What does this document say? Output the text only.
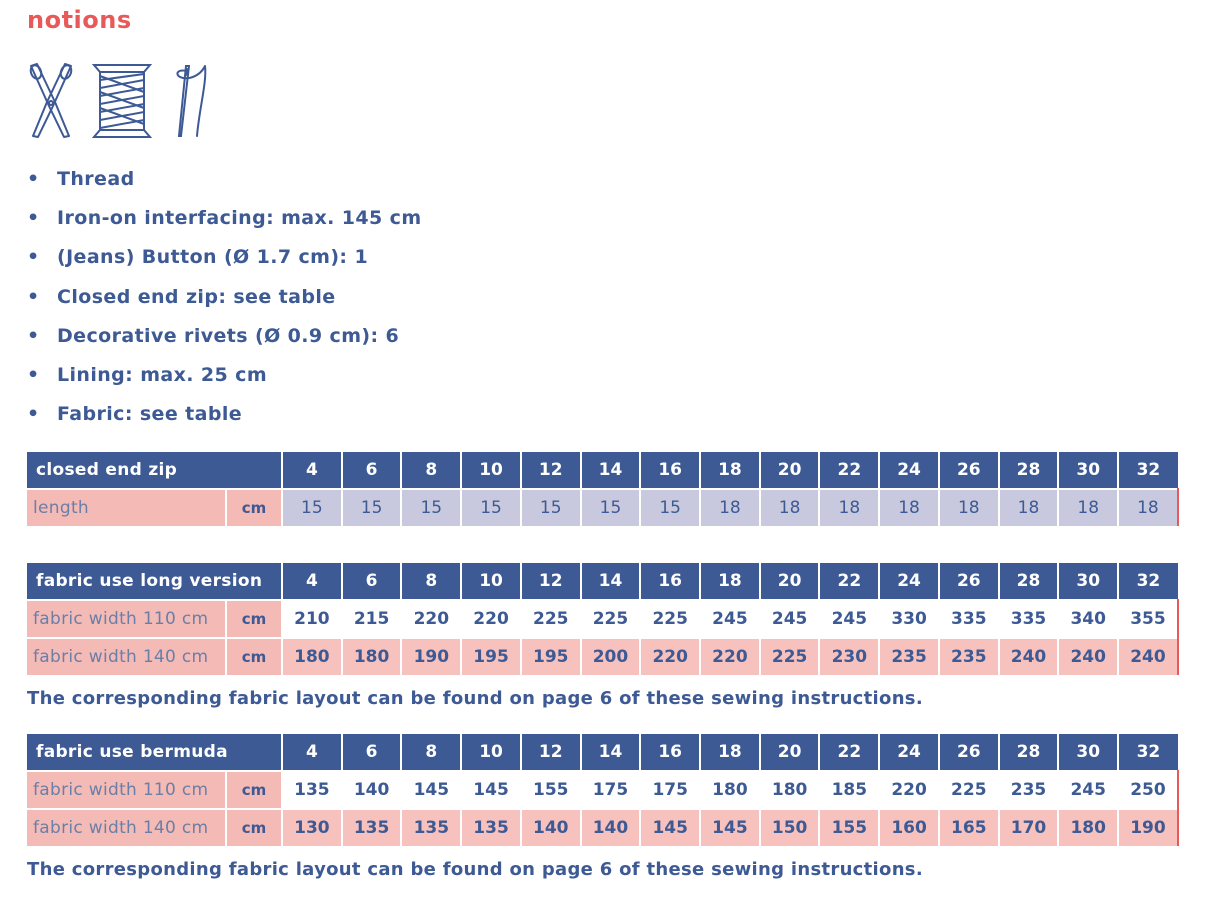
notions
• Thread
• Iron-on interfacing: max. 145 cm
• (Jeans) Button (Ø 1.7 cm): 1
• Closed end zip: see table
• Decorative rivets (Ø 0.9 cm): 6
• Lining: max. 25 cm
• Fabric: see table
closed end zip		4	6	8	10	12	14	16	18	20	22	24	26	28	30	32
length	cm	15	15	15	15	15	15	15	18	18	18	18	18	18	18	18
fabric use long version		4	6	8	10	12	14	16	18	20	22	24	26	28	30	32
fabric width 110 cm	cm	210	215	220	220	225	225	225	245	245	245	330	335	335	340	355
fabric width 140 cm	cm	180	180	190	195	195	200	220	220	225	230	235	235	240	240	240

The corresponding fabric layout can be found on page 6 of these sewing instructions.

fabric use bermuda		4	6	8	10	12	14	16	18	20	22	24	26	28	30	32
fabric width 110 cm	cm	135	140	145	145	155	175	175	180	180	185	220	225	235	245	250
fabric width 140 cm	cm	130	135	135	135	140	140	145	145	150	155	160	165	170	180	190

The corresponding fabric layout can be found on page 6 of these sewing instructions.
